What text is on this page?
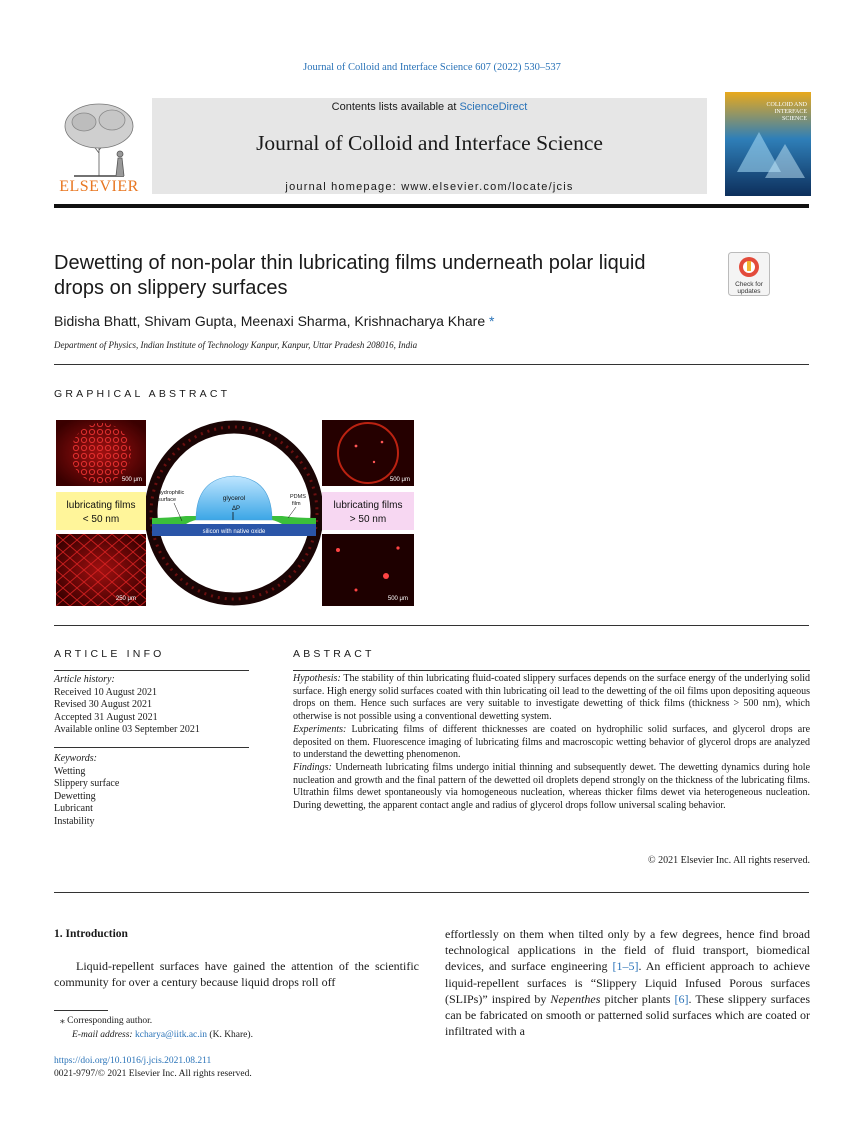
Journal of Colloid and Interface Science 607 (2022) 530–537
ELSEVIER
Contents lists available at ScienceDirect
Journal of Colloid and Interface Science
journal homepage: www.elsevier.com/locate/jcis
COLLOID AND
INTERFACE
SCIENCE
Dewetting of non-polar thin lubricating films underneath polar liquid
drops on slippery surfaces	Check for
updates
Bidisha Bhatt, Shivam Gupta, Meenaxi Sharma, Krishnacharya Khare *
Department of Physics, Indian Institute of Technology Kanpur, Kanpur, Uttar Pradesh 208016, India
GRAPHICAL ABSTRACT
500 μm
250 μm
500 μm
500 μm
silicon with native oxide
glycerol
ΔP
hydrophilic
surface	PDMS
film
lubricating films
< 50 nm
lubricating films
> 50 nm
ARTICLE INFO
Article history:
Received 10 August 2021
Revised 30 August 2021
Accepted 31 August 2021
Available online 03 September 2021
Keywords:
Wetting
Slippery surface
Dewetting
Lubricant
Instability
ABSTRACT

Hypothesis: The stability of thin lubricating fluid-coated slippery surfaces depends on the surface energy of the underlying solid surface. High energy solid surfaces coated with thin lubricating oil lead to the dewetting of the oil films upon depositing aqueous drops on them. Hence such surfaces are very suitable to investigate dewetting of thick films (thickness > 500 nm), which otherwise is not possible using a conventional dewetting system.

Experiments: Lubricating films of different thicknesses are coated on hydrophilic solid surfaces, and glycerol drops are deposited on them. Fluorescence imaging of lubricating films and macroscopic wetting behavior of glycerol drops are analyzed to understand the dewetting phenomenon.

Findings: Underneath lubricating films undergo initial thinning and subsequently dewet. The dewetting dynamics during hole nucleation and growth and the final pattern of the dewetted oil droplets depend strongly on the thickness of the lubricating films. Ultrathin films dewet spontaneously via homogeneous nucleation, whereas thicker films dewet via heterogeneous nucleation. During dewetting, the apparent contact angle and radius of glycerol drops follow universal scaling behavior.

© 2021 Elsevier Inc. All rights reserved.
1. Introduction

Liquid-repellent surfaces have gained the attention of the scientific community for over a century because liquid drops roll off

effortlessly on them when tilted only by a few degrees, hence find broad technological applications in the field of fluid transport, biomedical devices, and surface engineering [1–5]. An efficient approach to achieve liquid-repellent surfaces is “Slippery Liquid Infused Porous surfaces (SLIPs)” inspired by Nepenthes pitcher plants [6]. These slippery surfaces can be fabricated on smooth or patterned solid surfaces which are coated or infiltrated with a

⁎ Corresponding author.
E-mail address: kcharya@iitk.ac.in (K. Khare).
https://doi.org/10.1016/j.jcis.2021.08.211
0021-9797/© 2021 Elsevier Inc. All rights reserved.
